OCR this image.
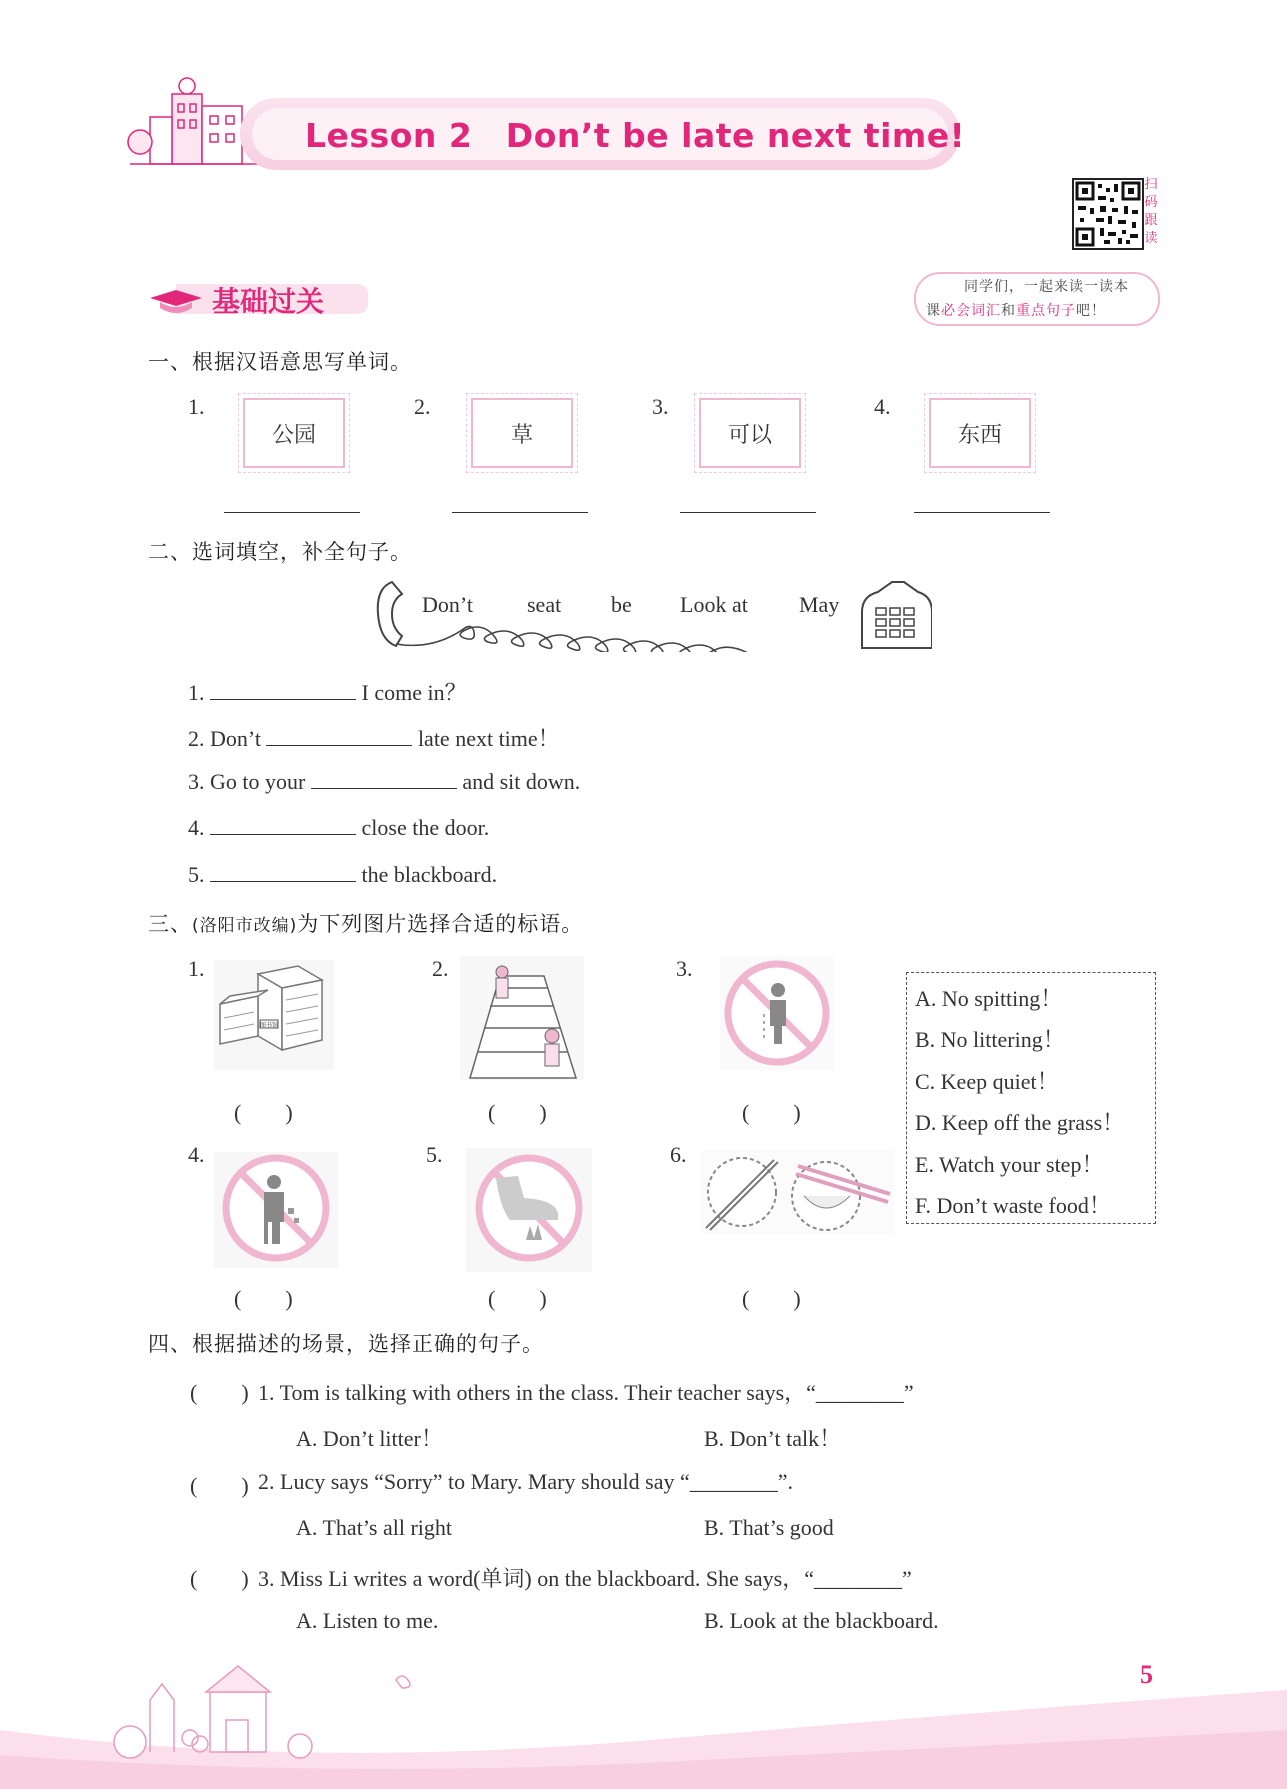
Lesson 2　Don’t be late next time!
扫
码
跟
读
基础过关	同学们，一起来读一读本
课必会词汇和重点句子吧！
一、根据汉语意思写单词。
1.
公园
2.
草
3.
可以
4.
东西
二、选词填空，补全句子。
Don’t seat be Look at May
1.	I come in？
2. Don’t	late next time！
3. Go to your	and sit down.
4.	close the door.
5.	the blackboard.
三、(洛阳市改编)为下列图片选择合适的标语。
1.
图书馆
(　　)
2.
(　　)
3.
(　　)
4.
(　　)
5.
(　　)
6.
(　　)
A. No spitting！
B. No littering！
C. Keep quiet！
D. Keep off the grass！
E. Watch your step！
F. Don’t waste food！
四、根据描述的场景，选择正确的句子。
(　　) 1. Tom is talking with others in the class. Their teacher says，“________”
A. Don’t litter！	B. Don’t talk！
(　　) 2. Lucy says “Sorry” to Mary. Mary should say “________”.
A. That’s all right	B. That’s good
(　　) 3. Miss Li writes a word(单词) on the blackboard. She says，“________”
A. Listen to me.	B. Look at the blackboard.
5
